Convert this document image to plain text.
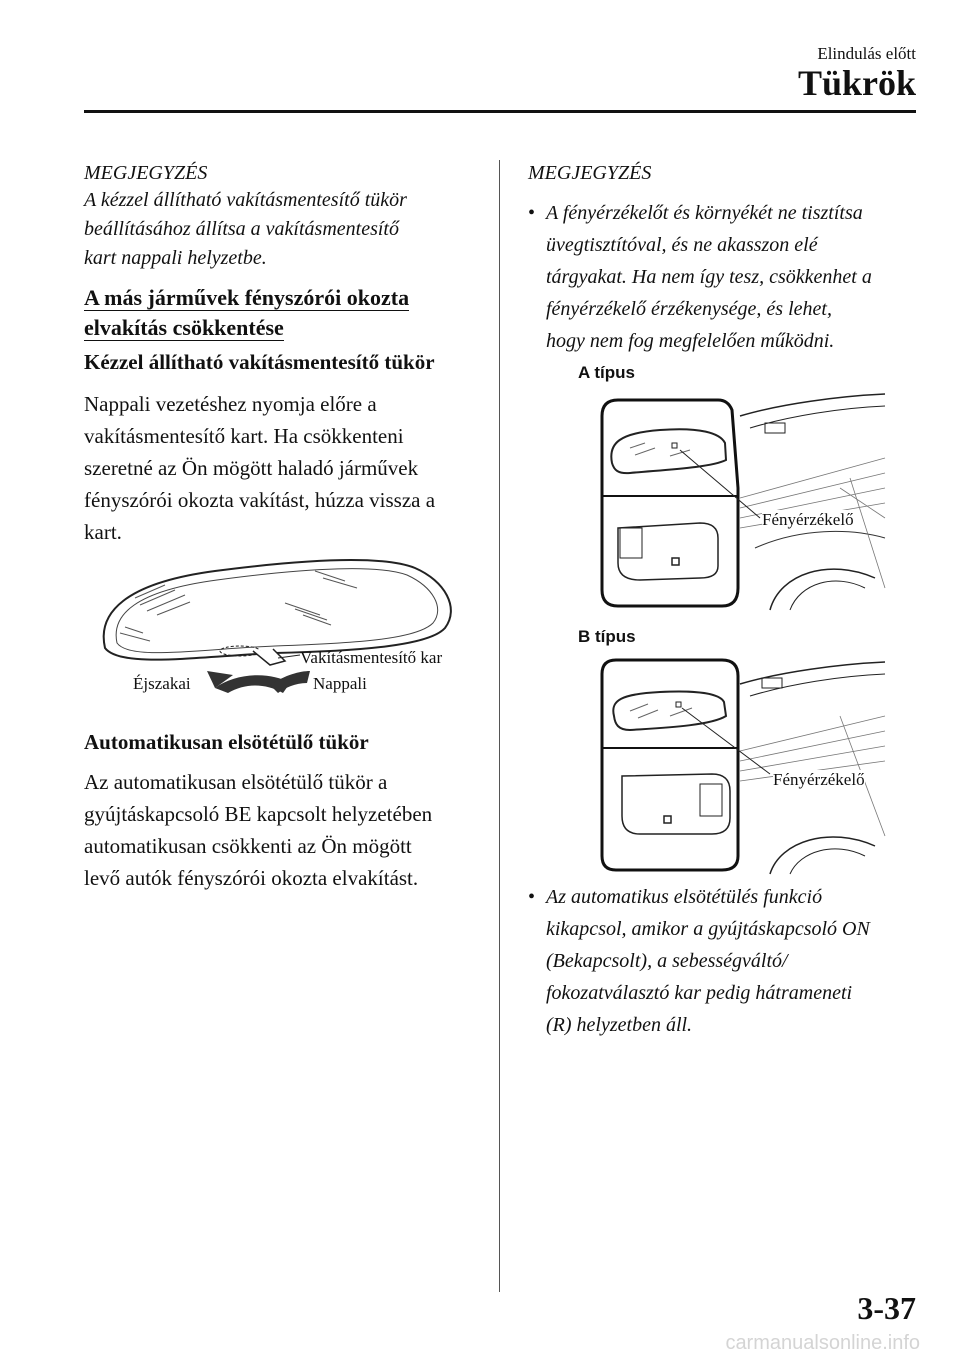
Elindulás előtt
Tükrök
MEGJEGYZÉS
A kézzel állítható vakításmentesítő tükör
beállításához állítsa a vakításmentesítő
kart nappali helyzetbe.
A más járművek fényszórói okozta
elvakítás csökkentése
Kézzel állítható vakításmentesítő tükör
Nappali vezetéshez nyomja előre a
vakításmentesítő kart. Ha csökkenteni
szeretné az Ön mögött haladó járművek
fényszórói okozta vakítást, húzza vissza a
kart.
Vakításmentesítő kar
Éjszakai	Nappali
Automatikusan elsötétülő tükör
Az automatikusan elsötétülő tükör a
gyújtáskapcsoló BE kapcsolt helyzetében
automatikusan csökkenti az Ön mögött
levő autók fényszórói okozta elvakítást.
MEGJEGYZÉS
• A fényérzékelőt és környékét ne tisztítsa
üvegtisztítóval, és ne akasszon elé
tárgyakat. Ha nem így tesz, csökkenhet a
fényérzékelő érzékenysége, és lehet,
hogy nem fog megfelelően működni.
A típus
Fényérzékelő
B típus
Fényérzékelő
• Az automatikus elsötétülés funkció
kikapcsol, amikor a gyújtáskapcsoló ON
(Bekapcsolt), a sebességváltó/
fokozatválasztó kar pedig hátrameneti
(R) helyzetben áll.
3-37
carmanualsonline.info
